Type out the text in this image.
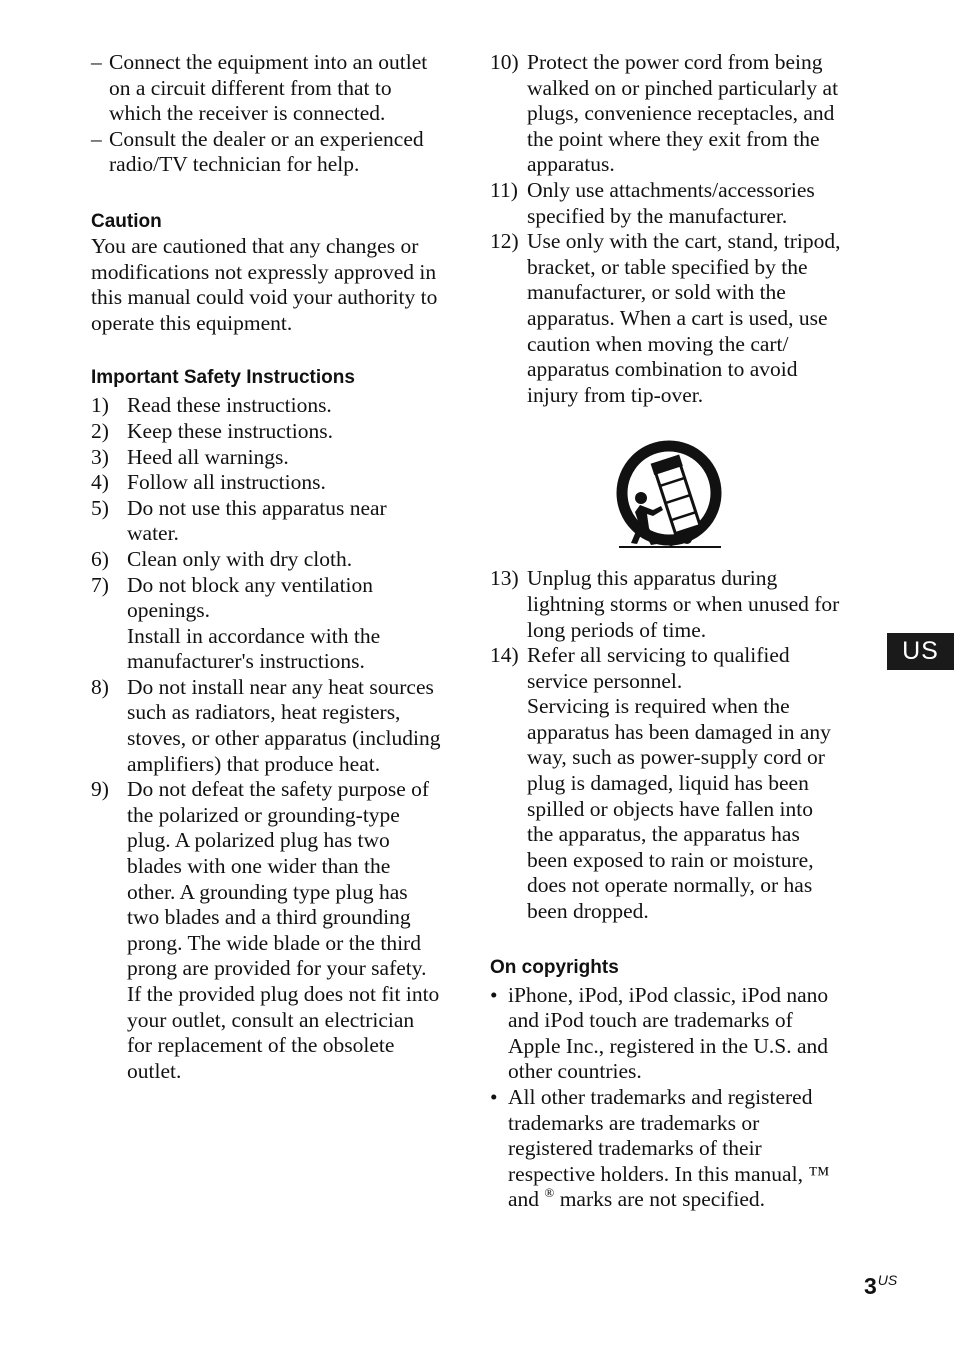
– Connect the equipment into an outlet on a circuit different from that to which the receiver is connected.
– Consult the dealer or an experienced radio/TV technician for help.
Caution
You are cautioned that any changes or modifications not expressly approved in this manual could void your authority to operate this equipment.
Important Safety Instructions
1) Read these instructions.
2) Keep these instructions.
3) Heed all warnings.
4) Follow all instructions.
5) Do not use this apparatus near water.
6) Clean only with dry cloth.
7) Do not block any ventilation openings.
Install in accordance with the manufacturer's instructions.
8) Do not install near any heat sources such as radiators, heat registers, stoves, or other apparatus (including amplifiers) that produce heat.
9) Do not defeat the safety purpose of the polarized or grounding-type plug. A polarized plug has two blades with one wider than the other. A grounding type plug has two blades and a third grounding prong. The wide blade or the third prong are provided for your safety. If the provided plug does not fit into your outlet, consult an electrician for replacement of the obsolete outlet.
10) Protect the power cord from being walked on or pinched particularly at plugs, convenience receptacles, and the point where they exit from the apparatus.
11) Only use attachments/accessories specified by the manufacturer.
12) Use only with the cart, stand, tripod, bracket, or table specified by the manufacturer, or sold with the apparatus. When a cart is used, use caution when moving the cart/ apparatus combination to avoid injury from tip-over.
13) Unplug this apparatus during lightning storms or when unused for long periods of time.
14) Refer all servicing to qualified service personnel.
Servicing is required when the apparatus has been damaged in any way, such as power-supply cord or plug is damaged, liquid has been spilled or objects have fallen into the apparatus, the apparatus has been exposed to rain or moisture, does not operate normally, or has been dropped.
On copyrights
• iPhone, iPod, iPod classic, iPod nano and iPod touch are trademarks of Apple Inc., registered in the U.S. and other countries.
• All other trademarks and registered trademarks are trademarks or registered trademarks of their respective holders. In this manual, ™ and ® marks are not specified.
US
$3^{US}$
